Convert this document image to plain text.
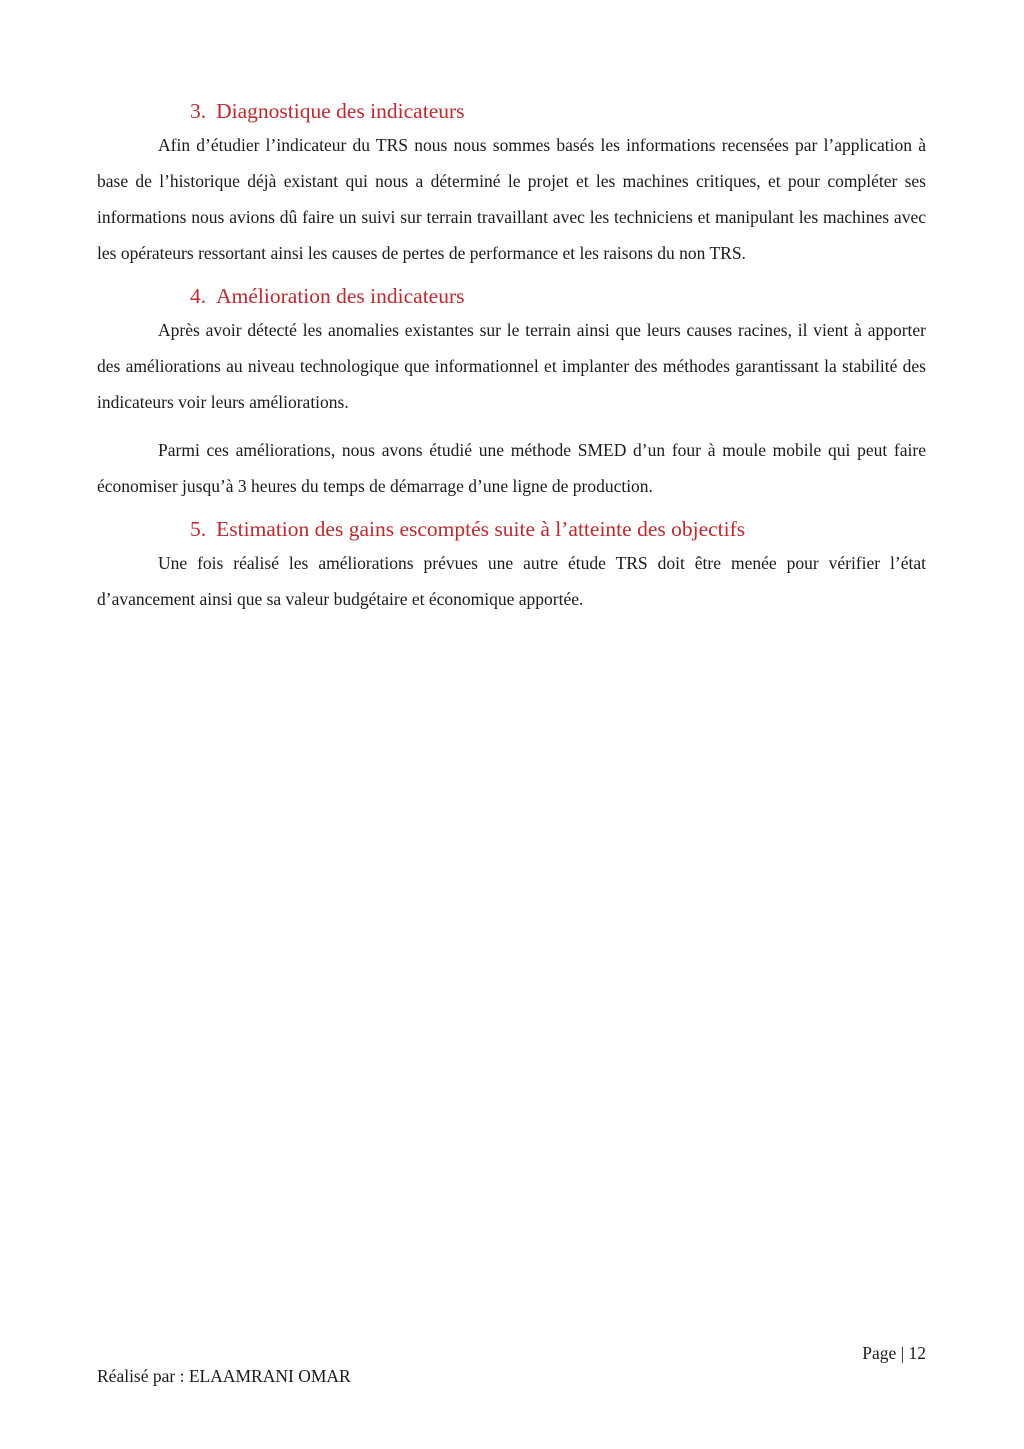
3. Diagnostique des indicateurs

Afin d’étudier l’indicateur du TRS nous nous sommes basés les informations recensées par l’application à base de l’historique déjà existant qui nous a déterminé le projet et les machines critiques, et pour compléter ses informations nous avions dû faire un suivi sur terrain travaillant avec les techniciens et manipulant les machines avec les opérateurs ressortant ainsi les causes de pertes de performance et les raisons du non TRS.

4. Amélioration des indicateurs

Après avoir détecté les anomalies existantes sur le terrain ainsi que leurs causes racines, il vient à apporter des améliorations au niveau technologique que informationnel et implanter des méthodes garantissant la stabilité des indicateurs voir leurs améliorations.

Parmi ces améliorations, nous avons étudié une méthode SMED d’un four à moule mobile qui peut faire économiser jusqu’à 3 heures du temps de démarrage d’une ligne de production.

5. Estimation des gains escomptés suite à l’atteinte des objectifs

Une fois réalisé les améliorations prévues une autre étude TRS doit être menée pour vérifier l’état d’avancement ainsi que sa valeur budgétaire et économique apportée.

Page | 12
Réalisé par : ELAAMRANI OMAR
